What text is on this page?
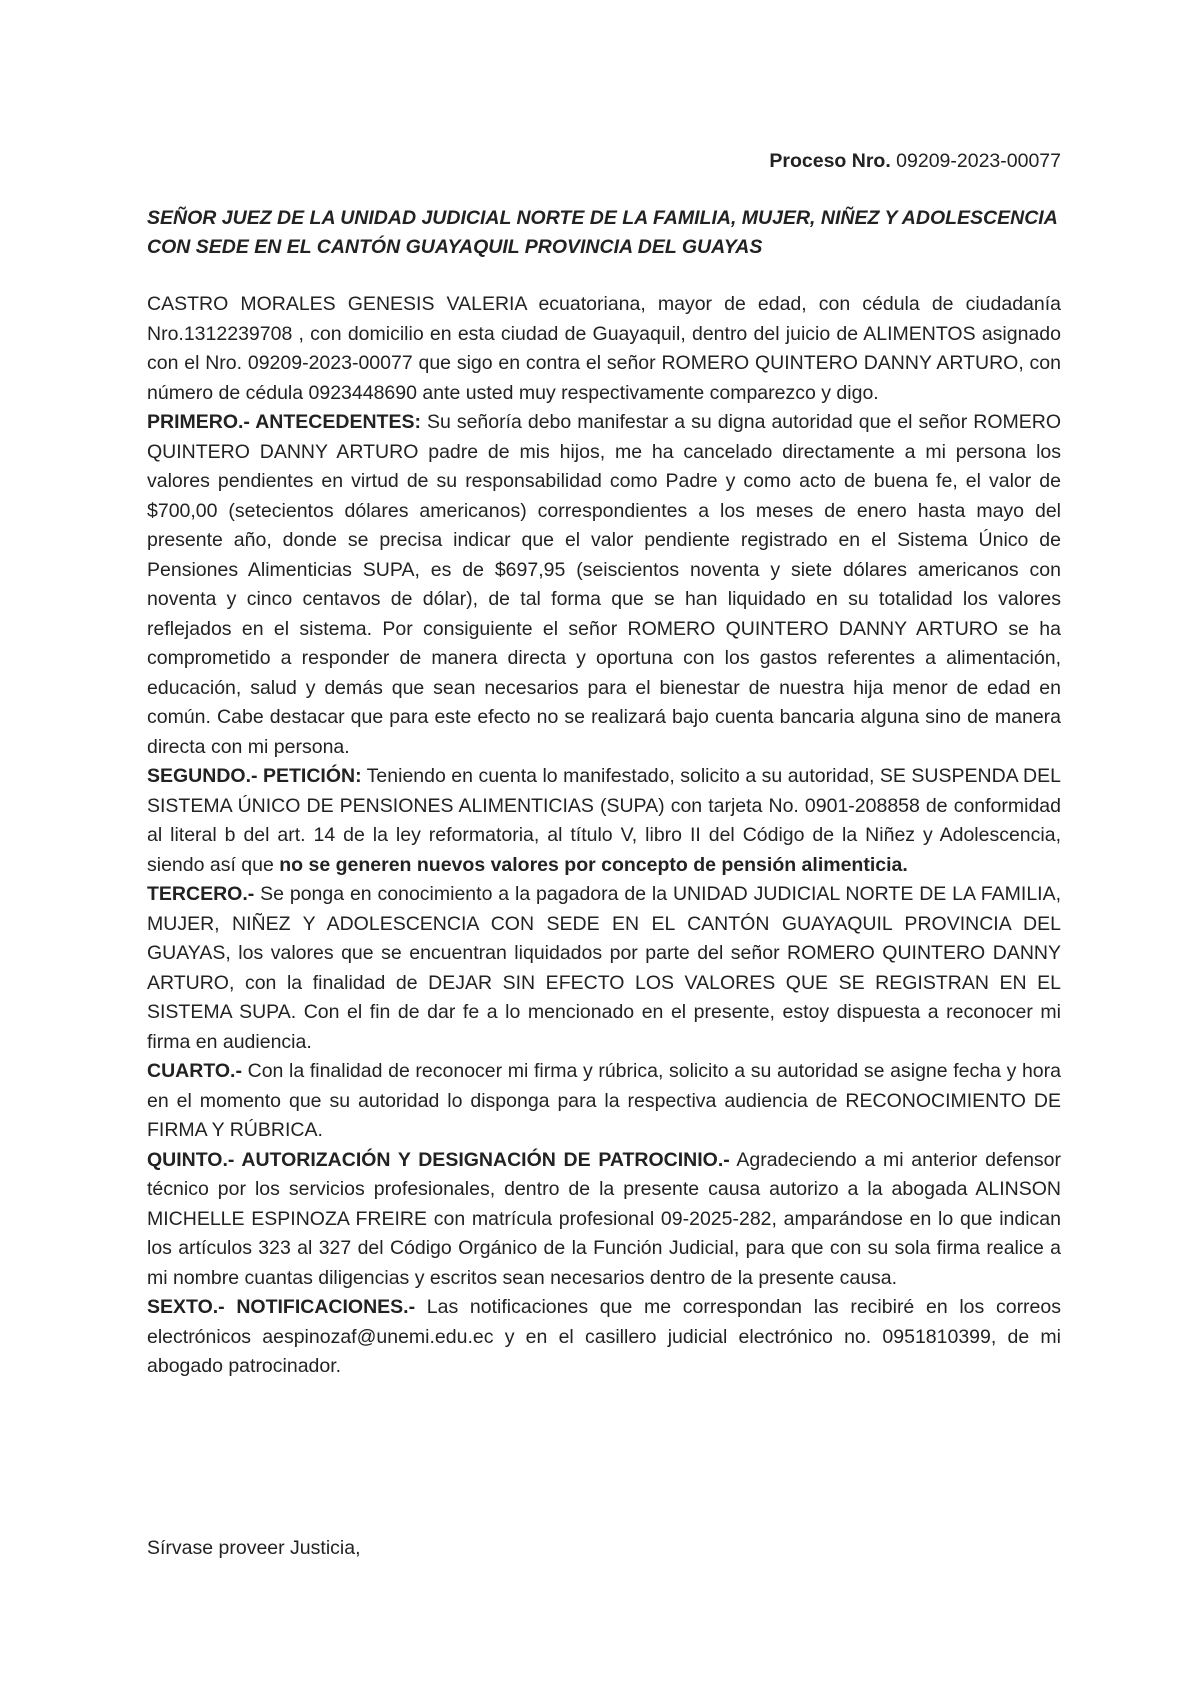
Proceso Nro. 09209-2023-00077
SEÑOR JUEZ DE LA UNIDAD JUDICIAL NORTE DE LA FAMILIA, MUJER, NIÑEZ Y ADOLESCENCIA CON SEDE EN EL CANTÓN GUAYAQUIL PROVINCIA DEL GUAYAS

CASTRO MORALES GENESIS VALERIA ecuatoriana, mayor de edad, con cédula de ciudadanía Nro.1312239708 , con domicilio en esta ciudad de Guayaquil, dentro del juicio de ALIMENTOS asignado con el Nro. 09209-2023-00077 que sigo en contra el señor ROMERO QUINTERO DANNY ARTURO, con número de cédula 0923448690 ante usted muy respectivamente comparezco y digo.

PRIMERO.- ANTECEDENTES: Su señoría debo manifestar a su digna autoridad que el señor ROMERO QUINTERO DANNY ARTURO padre de mis hijos, me ha cancelado directamente a mi persona los valores pendientes en virtud de su responsabilidad como Padre y como acto de buena fe, el valor de $700,00 (setecientos dólares americanos) correspondientes a los meses de enero hasta mayo del presente año, donde se precisa indicar que el valor pendiente registrado en el Sistema Único de Pensiones Alimenticias SUPA, es de $697,95 (seiscientos noventa y siete dólares americanos con noventa y cinco centavos de dólar), de tal forma que se han liquidado en su totalidad los valores reflejados en el sistema. Por consiguiente el señor ROMERO QUINTERO DANNY ARTURO se ha comprometido a responder de manera directa y oportuna con los gastos referentes a alimentación, educación, salud y demás que sean necesarios para el bienestar de nuestra hija menor de edad en común. Cabe destacar que para este efecto no se realizará bajo cuenta bancaria alguna sino de manera directa con mi persona.

SEGUNDO.- PETICIÓN: Teniendo en cuenta lo manifestado, solicito a su autoridad, SE SUSPENDA DEL SISTEMA ÚNICO DE PENSIONES ALIMENTICIAS (SUPA) con tarjeta No. 0901-208858 de conformidad al literal b del art. 14 de la ley reformatoria, al título V, libro II del Código de la Niñez y Adolescencia, siendo así que no se generen nuevos valores por concepto de pensión alimenticia.

TERCERO.- Se ponga en conocimiento a la pagadora de la UNIDAD JUDICIAL NORTE DE LA FAMILIA, MUJER, NIÑEZ Y ADOLESCENCIA CON SEDE EN EL CANTÓN GUAYAQUIL PROVINCIA DEL GUAYAS, los valores que se encuentran liquidados por parte del señor ROMERO QUINTERO DANNY ARTURO, con la finalidad de DEJAR SIN EFECTO LOS VALORES QUE SE REGISTRAN EN EL SISTEMA SUPA. Con el fin de dar fe a lo mencionado en el presente, estoy dispuesta a reconocer mi firma en audiencia.

CUARTO.- Con la finalidad de reconocer mi firma y rúbrica, solicito a su autoridad se asigne fecha y hora en el momento que su autoridad lo disponga para la respectiva audiencia de RECONOCIMIENTO DE FIRMA Y RÚBRICA.

QUINTO.- AUTORIZACIÓN Y DESIGNACIÓN DE PATROCINIO.- Agradeciendo a mi anterior defensor técnico por los servicios profesionales, dentro de la presente causa autorizo a la abogada ALINSON MICHELLE ESPINOZA FREIRE con matrícula profesional 09-2025-282, amparándose en lo que indican los artículos 323 al 327 del Código Orgánico de la Función Judicial, para que con su sola firma realice a mi nombre cuantas diligencias y escritos sean necesarios dentro de la presente causa.

SEXTO.- NOTIFICACIONES.- Las notificaciones que me correspondan las recibiré en los correos electrónicos aespinozaf@unemi.edu.ec y en el casillero judicial electrónico no. 0951810399, de mi abogado patrocinador.

Sírvase proveer Justicia,
